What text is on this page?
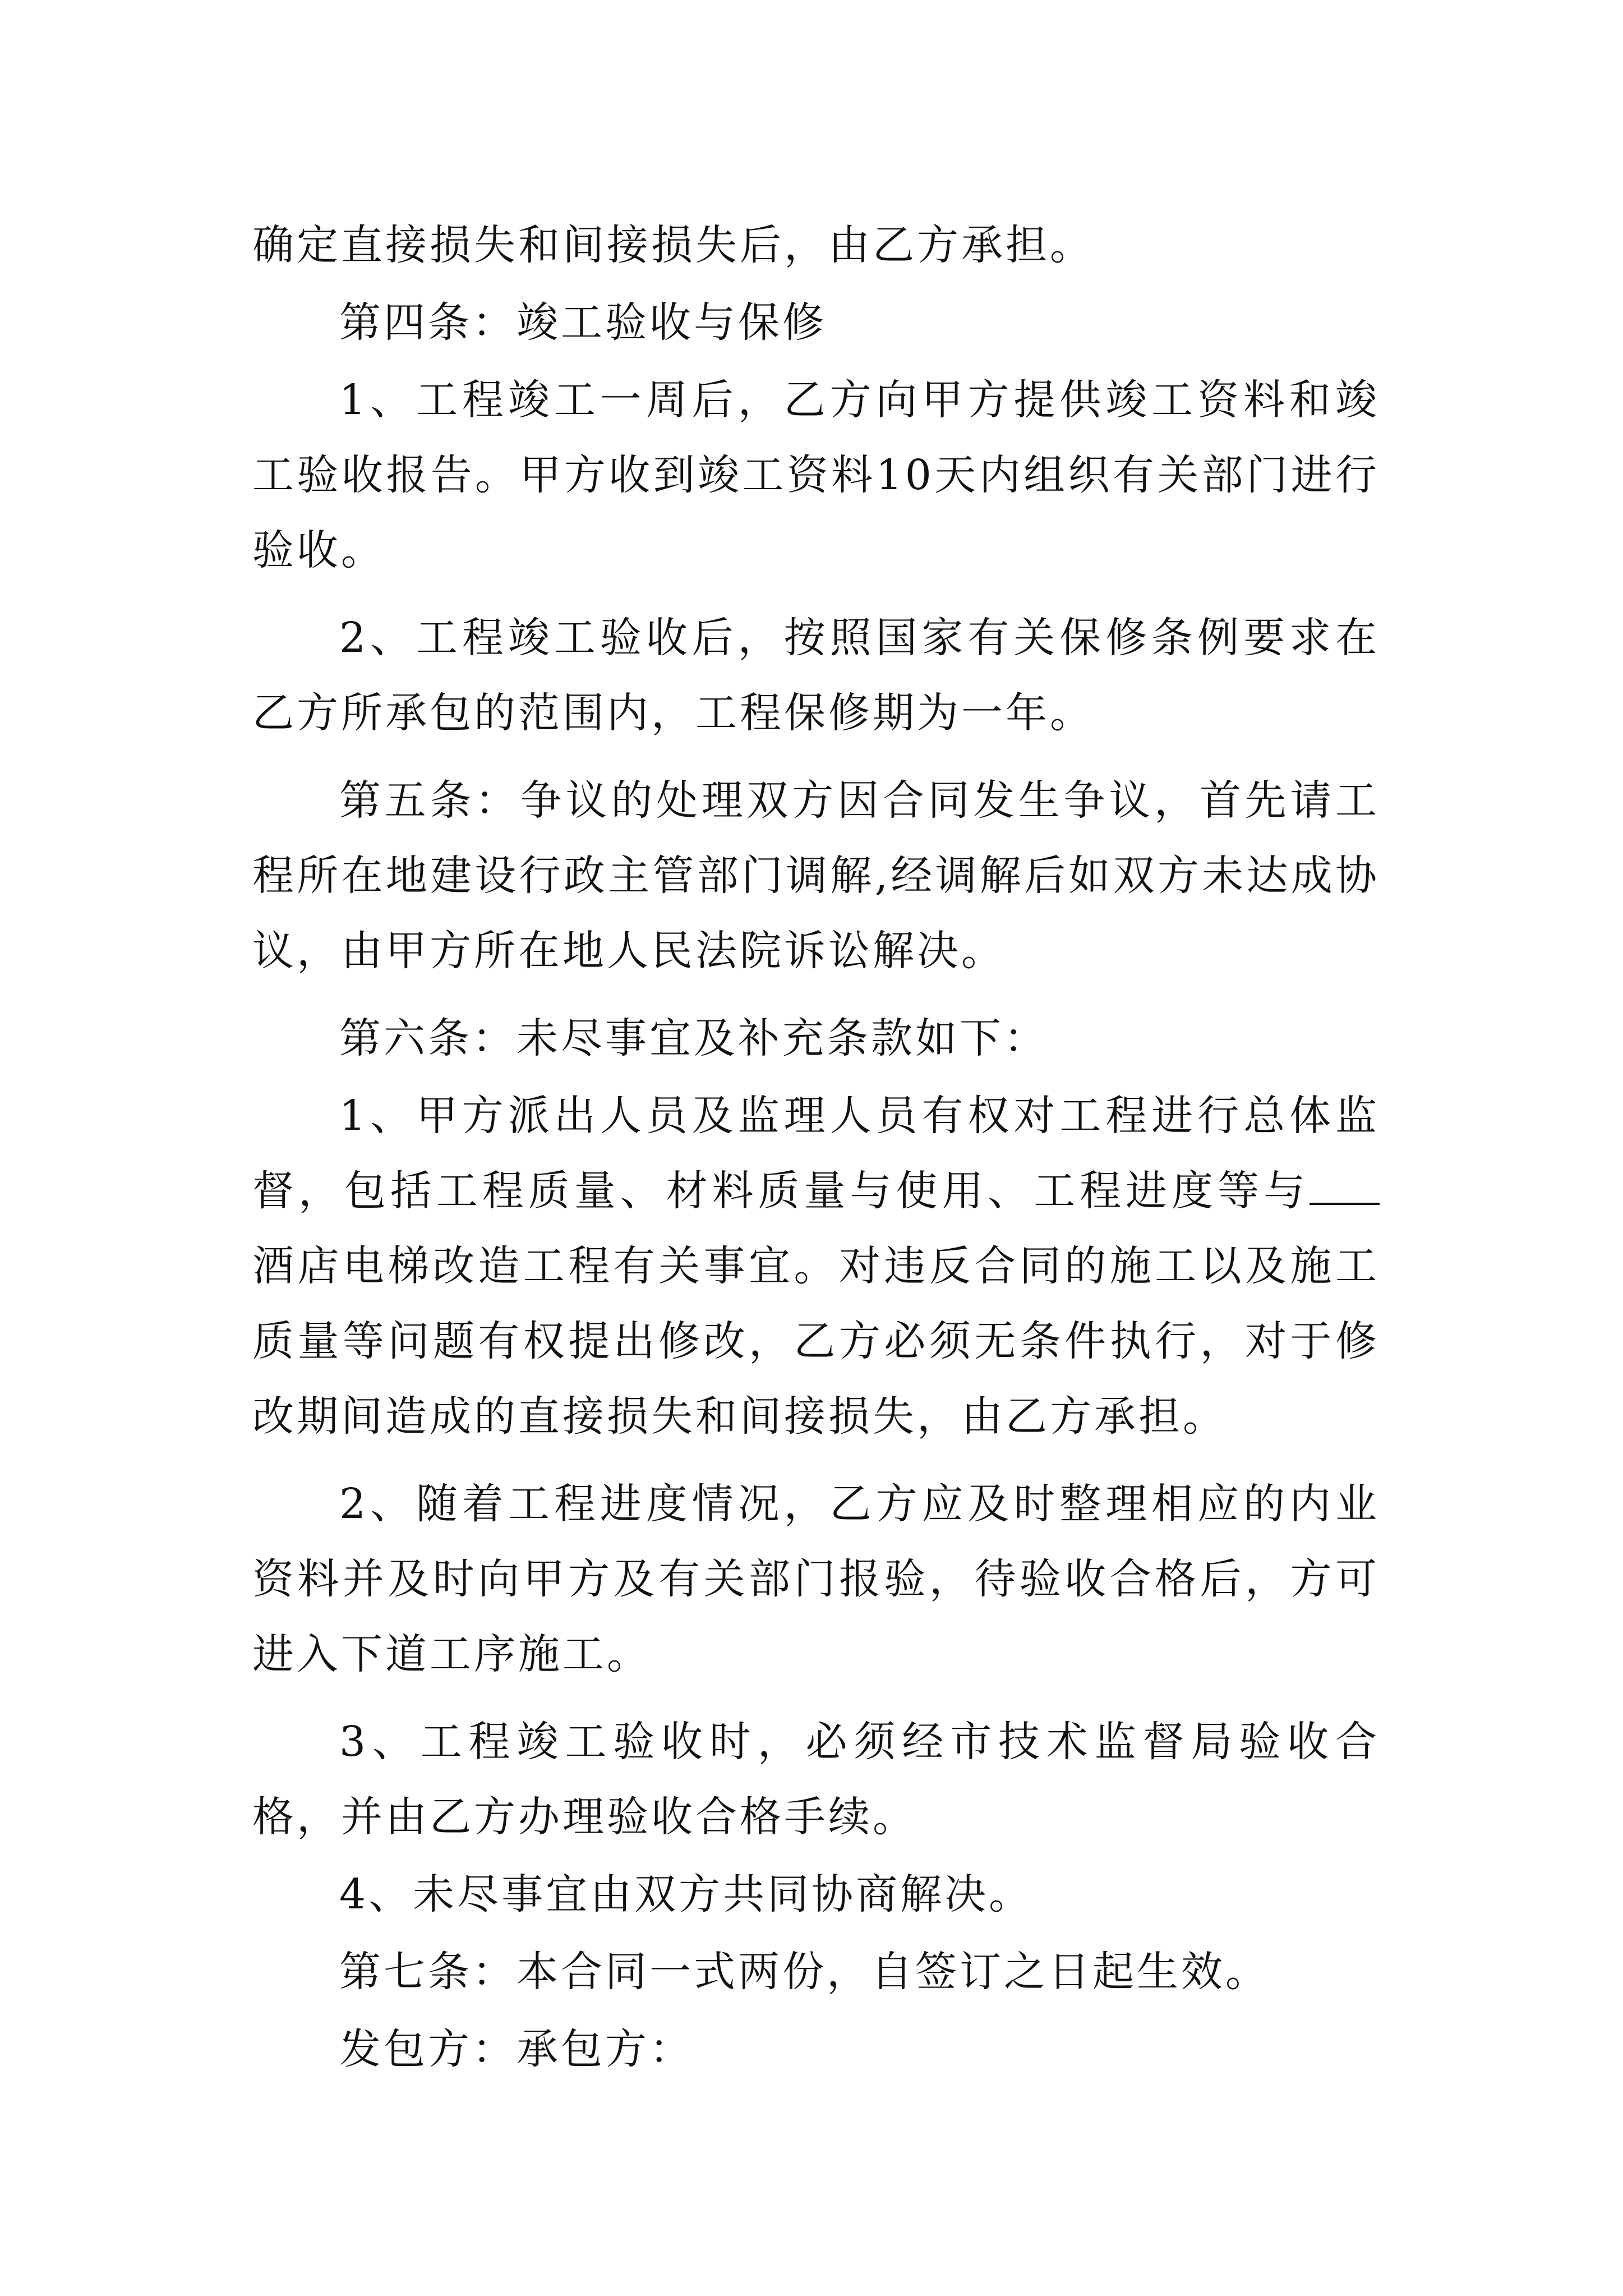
确定直接损失和间接损失后，由乙方承担。

第四条：竣工验收与保修

1、工程竣工一周后，乙方向甲方提供竣工资料和竣工验收报告。甲方收到竣工资料10天内组织有关部门进行验收。

2、工程竣工验收后，按照国家有关保修条例要求在乙方所承包的范围内，工程保修期为一年。

第五条：争议的处理双方因合同发生争议，首先请工程所在地建设行政主管部门调解,经调解后如双方未达成协议，由甲方所在地人民法院诉讼解决。

第六条：未尽事宜及补充条款如下：

1、甲方派出人员及监理人员有权对工程进行总体监督，包括工程质量、材料质量与使用、工程进度等与酒店电梯改造工程有关事宜。对违反合同的施工以及施工质量等问题有权提出修改，乙方必须无条件执行，对于修改期间造成的直接损失和间接损失，由乙方承担。

2、随着工程进度情况，乙方应及时整理相应的内业资料并及时向甲方及有关部门报验，待验收合格后，方可进入下道工序施工。

3、工程竣工验收时，必须经市技术监督局验收合格，并由乙方办理验收合格手续。

4、未尽事宜由双方共同协商解决。

第七条：本合同一式两份，自签订之日起生效。

发包方：承包方：
